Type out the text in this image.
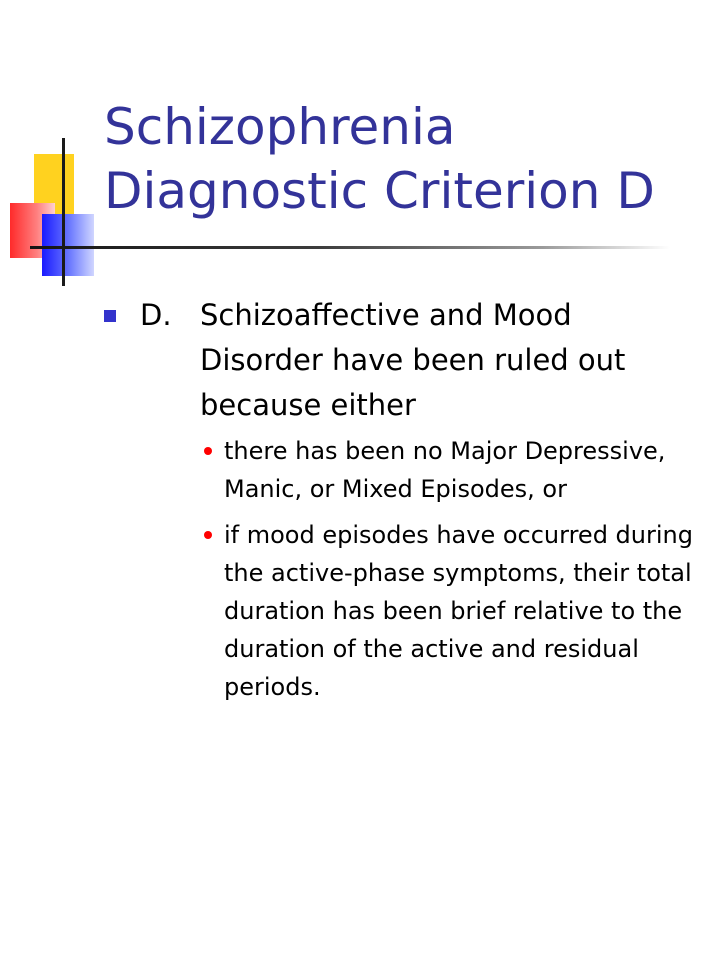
Schizophrenia
Diagnostic Criterion D
D. Schizoaffective and Mood Disorder have been ruled out because either
there has been no Major Depressive, Manic, or Mixed Episodes, or
if mood episodes have occurred during the active-phase symptoms, their total duration has been brief relative to the duration of the active and residual periods.
